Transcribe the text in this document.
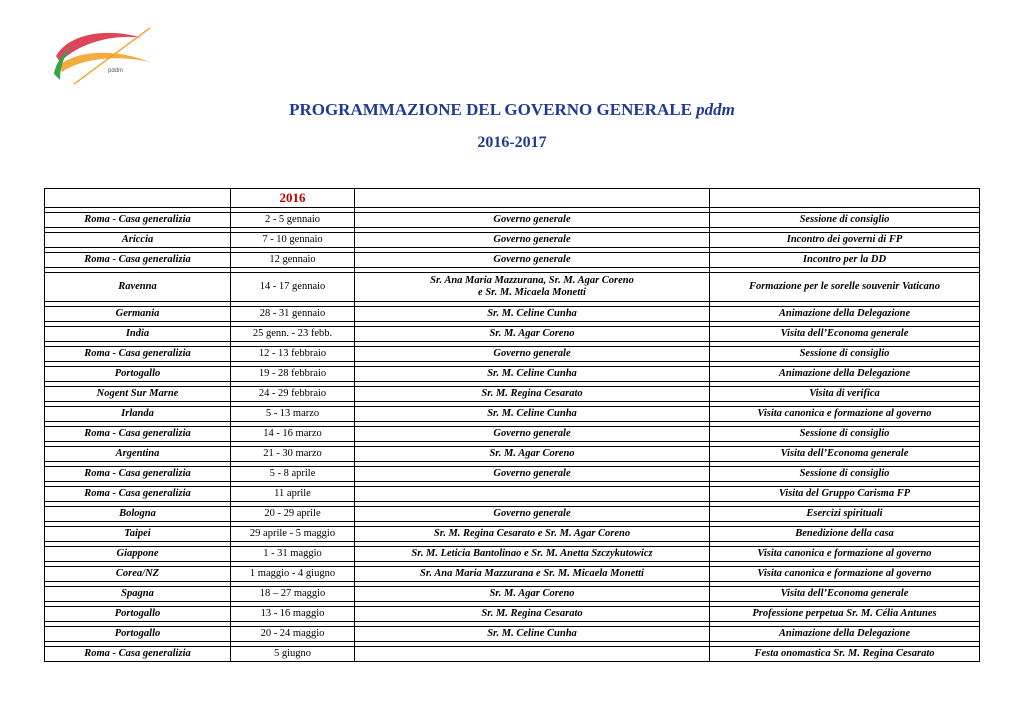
pddm
PROGRAMMAZIONE DEL GOVERNO GENERALE pddm
2016-2017
	2016		

Roma - Casa generalizia	2 - 5 gennaio	Governo generale	Sessione di consiglio

Ariccia	7 - 10 gennaio	Governo generale	Incontro dei governi di FP

Roma - Casa generalizia	12 gennaio	Governo generale	Incontro per la DD

Ravenna	14 - 17 gennaio	Sr. Ana Maria Mazzurana, Sr. M. Agar Coreno
e Sr. M. Micaela Monetti	Formazione per le sorelle souvenir Vaticano

Germania	28 - 31 gennaio	Sr. M. Celine Cunha	Animazione della Delegazione

India	25 genn. - 23 febb.	Sr. M. Agar Coreno	Visita dell’Economa generale

Roma - Casa generalizia	12 - 13 febbraio	Governo generale	Sessione di consiglio

Portogallo	19 - 28 febbraio	Sr. M. Celine Cunha	Animazione della Delegazione

Nogent Sur Marne	24 - 29 febbraio	Sr. M. Regina Cesarato	Visita di verifica

Irlanda	5 - 13 marzo	Sr. M. Celine Cunha	Visita canonica e formazione al governo

Roma - Casa generalizia	14 - 16 marzo	Governo generale	Sessione di consiglio

Argentina	21 - 30 marzo	Sr. M. Agar Coreno	Visita dell’Economa generale

Roma - Casa generalizia	5 - 8 aprile	Governo generale	Sessione di consiglio

Roma - Casa generalizia	11 aprile		Visita del Gruppo Carisma FP

Bologna	20 - 29 aprile	Governo generale	Esercizi spirituali

Taipei	29 aprile - 5 maggio	Sr. M. Regina Cesarato e Sr. M. Agar Coreno	Benedizione della casa

Giappone	1 - 31 maggio	Sr. M. Leticia Bantolinao e Sr. M. Anetta Szczykutowicz	Visita canonica e formazione al governo

Corea/NZ	1 maggio - 4 giugno	Sr. Ana Maria Mazzurana e Sr. M. Micaela Monetti	Visita canonica e formazione al governo

Spagna	18 – 27 maggio	Sr. M. Agar Coreno	Visita dell’Economa generale

Portogallo	13 - 16 maggio	Sr. M. Regina Cesarato	Professione perpetua Sr. M. Célia Antunes

Portogallo	20 - 24 maggio	Sr. M. Celine Cunha	Animazione della Delegazione

Roma - Casa generalizia	5 giugno		Festa onomastica Sr. M. Regina Cesarato
